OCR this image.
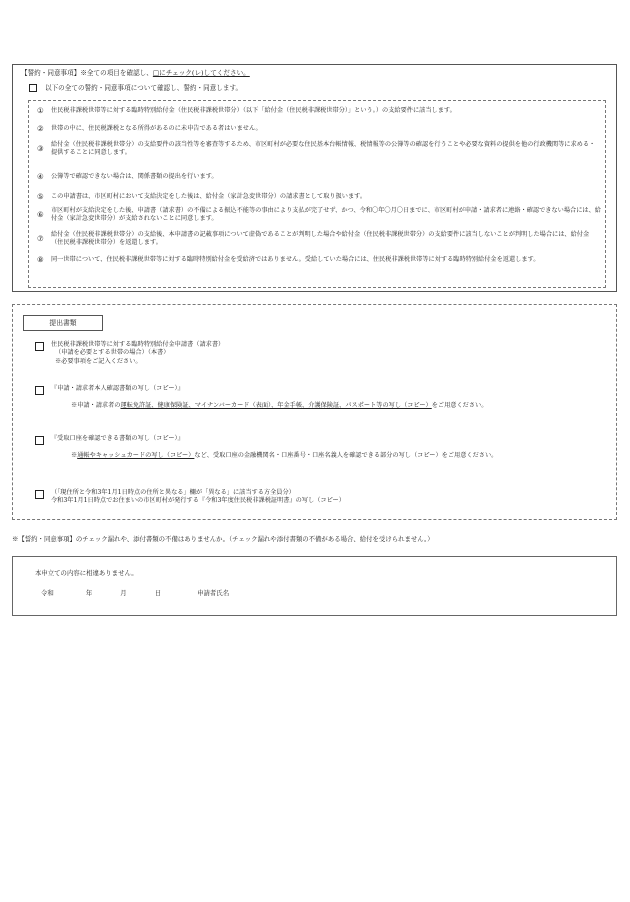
【誓約・同意事項】※全ての項目を確認し、□にチェック(レ)してください。
以下の全ての誓約・同意事項について確認し、誓約・同意します。
①	住民税非課税世帯等に対する臨時特別給付金（住民税非課税世帯分）（以下「給付金（住民税非課税世帯分）」という。）の支給要件に該当します。
②	世帯の中に、住民税課税となる所得があるのに未申告である者はいません。
③	給付金（住民税非課税世帯分）の支給要件の該当性等を審査等するため、市区町村が必要な住民基本台帳情報、税情報等の公簿等の確認を行うことや必要な資料の提供を他の行政機関等に求める・提供することに同意します。
④	公簿等で確認できない場合は、関係書類の提出を行います。
⑤	この申請書は、市区町村において支給決定をした後は、給付金（家計急変世帯分）の請求書として取り扱います。
⑥	市区町村が支給決定をした後、申請書（請求書）の不備による振込不能等の事由により支払が完了せず、かつ、令和〇年〇月〇日までに、市区町村が申請・請求者に連絡・確認できない場合には、給付金（家計急変世帯分）が支給されないことに同意します。
⑦	給付金（住民税非課税世帯分）の支給後、本申請書の記載事項について虚偽であることが判明した場合や給付金（住民税非課税世帯分）の支給要件に該当しないことが判明した場合には、給付金（住民税非課税世帯分）を返還します。
⑧	同一世帯について、住民税非課税世帯等に対する臨時特別給付金を受給済ではありません。受給していた場合には、住民税非課税世帯等に対する臨時特別給付金を返還します。
提出書類
住民税非課税世帯等に対する臨時特別給付金申請書（請求書）
（申請を必要とする世帯の場合）（本書）
※必要事項をご記入ください。
『申請・請求者本人確認書類の写し（コピー）』
※申請・請求者の運転免許証、健康保険証、マイナンバーカード（表面）、年金手帳、介護保険証、パスポート等の写し（コピー）をご用意ください。
『受取口座を確認できる書類の写し（コピー）』
※通帳やキャッシュカードの写し（コピー）など、受取口座の金融機関名・口座番号・口座名義人を確認できる部分の写し（コピー）をご用意ください。
（「現住所と令和3年1月1日時点の住所と異なる」欄が「異なる」に該当する方全員分）
令和3年1月1日時点でお住まいの市区町村が発行する『令和3年度住民税非課税証明書』の写し（コピー）
※【誓約・同意事項】のチェック漏れや、添付書類の不備はありませんか。（チェック漏れや添付書類の不備がある場合、給付を受けられません。）
本申立ての内容に相違ありません。
令和	年	月	日	申請者氏名
